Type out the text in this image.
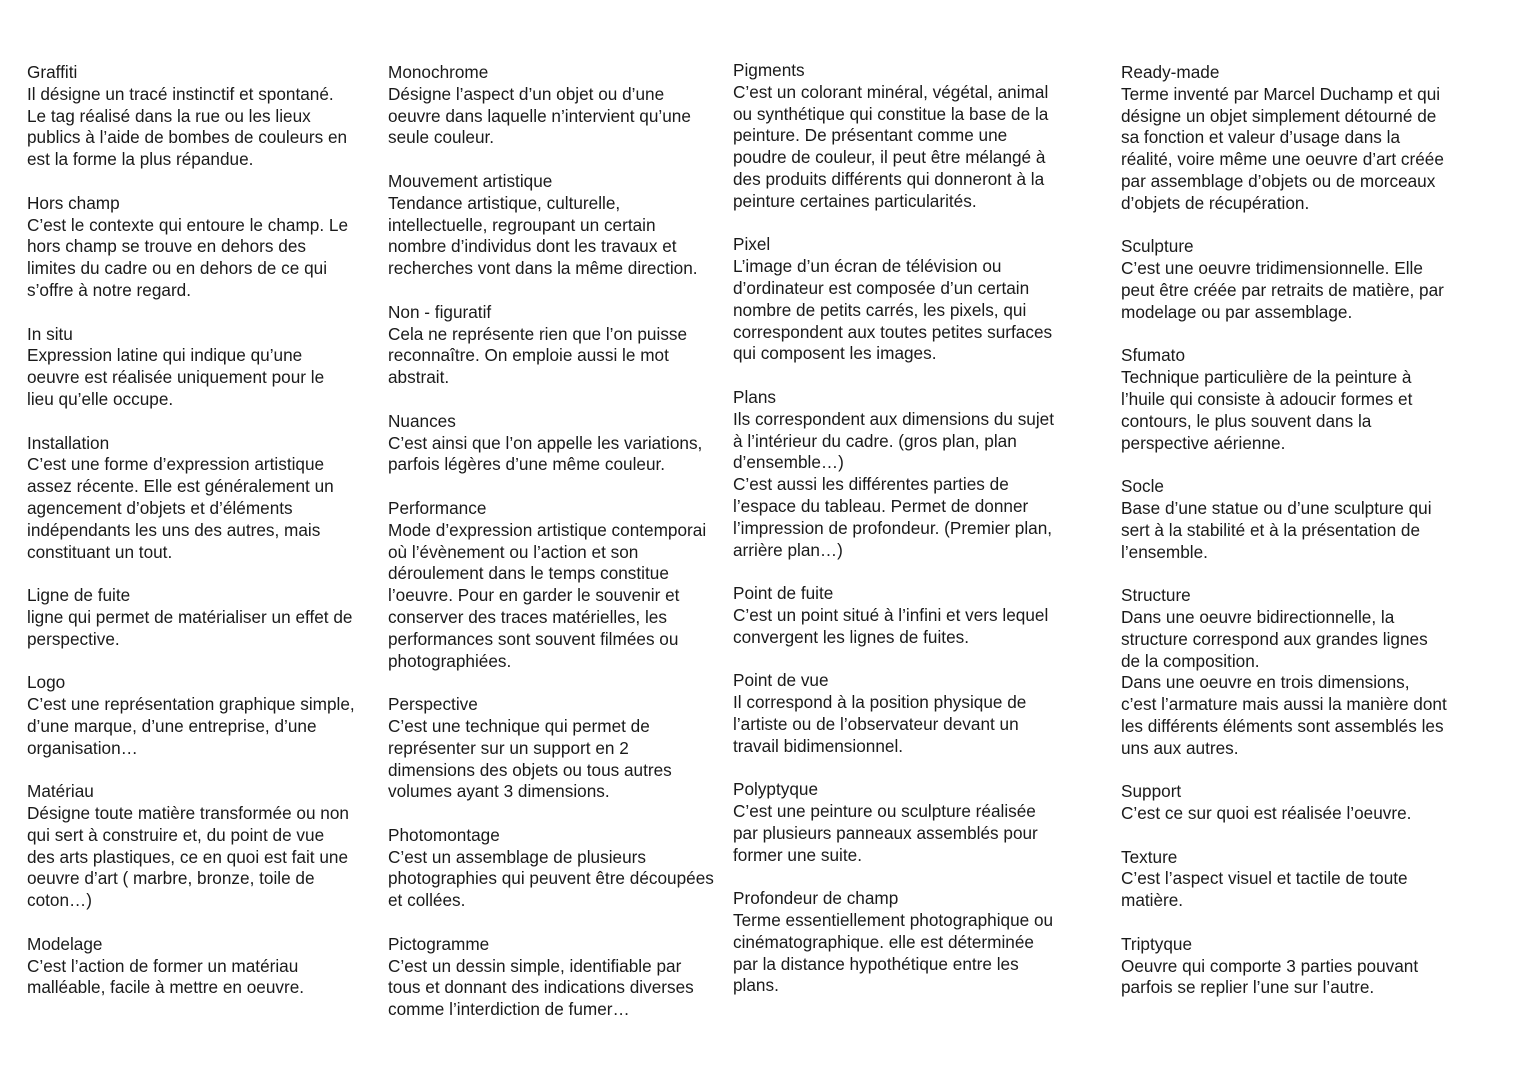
Graffiti
Il désigne un tracé instinctif et spontané.
Le tag réalisé dans la rue ou les lieux
publics à l’aide de bombes de couleurs en
est la forme la plus répandue.
Hors champ
C’est le contexte qui entoure le champ. Le
hors champ se trouve en dehors des
limites du cadre ou en dehors de ce qui
s’offre à notre regard.
In situ
Expression latine qui indique qu’une
oeuvre est réalisée uniquement pour le
lieu qu’elle occupe.
Installation
C’est une forme d’expression artistique
assez récente. Elle est généralement un
agencement d’objets et d’éléments
indépendants les uns des autres, mais
constituant un tout.
Ligne de fuite
ligne qui permet de matérialiser un effet de
perspective.
Logo
C’est une représentation graphique simple,
d’une marque, d’une entreprise, d’une
organisation…
Matériau
Désigne toute matière transformée ou non
qui sert à construire et, du point de vue
des arts plastiques, ce en quoi est fait une
oeuvre d’art ( marbre, bronze, toile de
coton…)
Modelage
C’est l’action de former un matériau
malléable, facile à mettre en oeuvre.
Monochrome
Désigne l’aspect d’un objet ou d’une
oeuvre dans laquelle n’intervient qu’une
seule couleur.
Mouvement artistique
Tendance artistique, culturelle,
intellectuelle, regroupant un certain
nombre d’individus dont les travaux et
recherches vont dans la même direction.
Non - figuratif
Cela ne représente rien que l’on puisse
reconnaître. On emploie aussi le mot
abstrait.
Nuances
C’est ainsi que l’on appelle les variations,
parfois légères d’une même couleur.
Performance
Mode d’expression artistique contemporai
où l’évènement ou l’action et son
déroulement dans le temps constitue
l’oeuvre. Pour en garder le souvenir et
conserver des traces matérielles, les
performances sont souvent filmées ou
photographiées.
Perspective
C’est une technique qui permet de
représenter sur un support en 2
dimensions des objets ou tous autres
volumes ayant 3 dimensions.
Photomontage
C’est un assemblage de plusieurs
photographies qui peuvent être découpées
et collées.
Pictogramme
C’est un dessin simple, identifiable par
tous et donnant des indications diverses
comme l’interdiction de fumer…
Pigments
C’est un colorant minéral, végétal, animal
ou synthétique qui constitue la base de la
peinture. De présentant comme une
poudre de couleur, il peut être mélangé à
des produits différents qui donneront à la
peinture certaines particularités.
Pixel
L’image d’un écran de télévision ou
d’ordinateur est composée d’un certain
nombre de petits carrés, les pixels, qui
correspondent aux toutes petites surfaces
qui composent les images.
Plans
Ils correspondent aux dimensions du sujet
à l’intérieur du cadre. (gros plan, plan
d’ensemble…)
C’est aussi les différentes parties de
l’espace du tableau. Permet de donner
l’impression de profondeur. (Premier plan,
arrière plan…)
Point de fuite
C’est un point situé à l’infini et vers lequel
convergent les lignes de fuites.
Point de vue
Il correspond à la position physique de
l’artiste ou de l’observateur devant un
travail bidimensionnel.
Polyptyque
C’est une peinture ou sculpture réalisée
par plusieurs panneaux assemblés pour
former une suite.
Profondeur de champ
Terme essentiellement photographique ou
cinématographique. elle est déterminée
par la distance hypothétique entre les
plans.
Ready-made
Terme inventé par Marcel Duchamp et qui
désigne un objet simplement détourné de
sa fonction et valeur d’usage dans la
réalité, voire même une oeuvre d’art créée
par assemblage d’objets ou de morceaux
d’objets de récupération.
Sculpture
C’est une oeuvre tridimensionnelle. Elle
peut être créée par retraits de matière, par
modelage ou par assemblage.
Sfumato
Technique particulière de la peinture à
l’huile qui consiste à adoucir formes et
contours, le plus souvent dans la
perspective aérienne.
Socle
Base d’une statue ou d’une sculpture qui
sert à la stabilité et à la présentation de
l’ensemble.
Structure
Dans une oeuvre bidirectionnelle, la
structure correspond aux grandes lignes
de la composition.
Dans une oeuvre en trois dimensions,
c’est l’armature mais aussi la manière dont
les différents éléments sont assemblés les
uns aux autres.
Support
C’est ce sur quoi est réalisée l’oeuvre.
Texture
C’est l’aspect visuel et tactile de toute
matière.
Triptyque
Oeuvre qui comporte 3 parties pouvant
parfois se replier l’une sur l’autre.
